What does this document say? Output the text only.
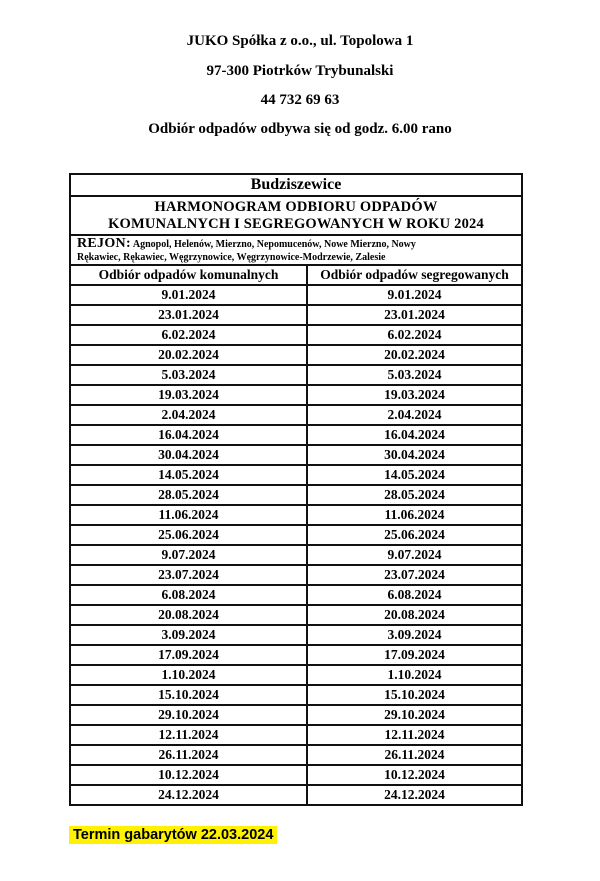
JUKO Spółka z o.o., ul. Topolowa 1
97-300 Piotrków Trybunalski
44 732 69 63
Odbiór odpadów odbywa się od godz. 6.00 rano
Budziszewice	

HARMONOGRAM ODBIORU ODPADÓW
KOMUNALNYCH I SEGREGOWANYCH W ROKU 2024	

REJON: Agnopol, Helenów, Mierzno, Nepomucenów, Nowe Mierzno, Nowy
Rękawiec, Rękawiec, Węgrzynowice, Węgrzynowice-Modrzewie, Zalesie	

Odbiór odpadów komunalnych	Odbiór odpadów segregowanych
9.01.2024	9.01.2024
23.01.2024	23.01.2024
6.02.2024	6.02.2024
20.02.2024	20.02.2024
5.03.2024	5.03.2024
19.03.2024	19.03.2024
2.04.2024	2.04.2024
16.04.2024	16.04.2024
30.04.2024	30.04.2024
14.05.2024	14.05.2024
28.05.2024	28.05.2024
11.06.2024	11.06.2024
25.06.2024	25.06.2024
9.07.2024	9.07.2024
23.07.2024	23.07.2024
6.08.2024	6.08.2024
20.08.2024	20.08.2024
3.09.2024	3.09.2024
17.09.2024	17.09.2024
1.10.2024	1.10.2024
15.10.2024	15.10.2024
29.10.2024	29.10.2024
12.11.2024	12.11.2024
26.11.2024	26.11.2024
10.12.2024	10.12.2024
24.12.2024	24.12.2024
Termin gabarytów 22.03.2024
